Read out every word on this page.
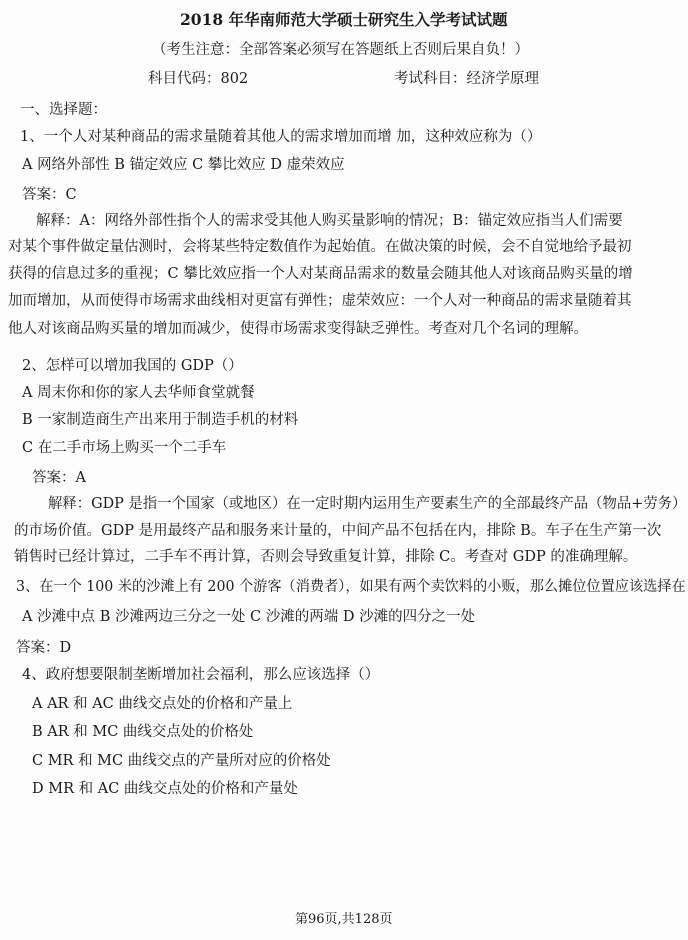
2018 年华南师范大学硕士研究生入学考试试题
（考生注意：全部答案必须写在答题纸上否则后果自负！）
科目代码：802	考试科目：经济学原理
一、选择题：
1、一个人对某种商品的需求量随着其他人的需求增加而增 加，这种效应称为（）
A 网络外部性 B 锚定效应 C 攀比效应 D 虚荣效应
答案：C
解释：A：网络外部性指个人的需求受其他人购买量影响的情况；B：锚定效应指当人们需要
对某个事件做定量估测时，会将某些特定数值作为起始值。在做决策的时候，会不自觉地给予最初
获得的信息过多的重视；C 攀比效应指一个人对某商品需求的数量会随其他人对该商品购买量的增
加而增加，从而使得市场需求曲线相对更富有弹性；虚荣效应：一个人对一种商品的需求量随着其
他人对该商品购买量的增加而减少，使得市场需求变得缺乏弹性。考查对几个名词的理解。
2、怎样可以增加我国的 GDP（）
A 周末你和你的家人去华师食堂就餐
B 一家制造商生产出来用于制造手机的材料
C 在二手市场上购买一个二手车
答案：A
解释：GDP 是指一个国家（或地区）在一定时期内运用生产要素生产的全部最终产品（物品+劳务）
的市场价值。GDP 是用最终产品和服务来计量的，中间产品不包括在内，排除 B。车子在生产第一次
销售时已经计算过，二手车不再计算，否则会导致重复计算，排除 C。考查对 GDP 的准确理解。
3、在一个 100 米的沙滩上有 200 个游客（消费者），如果有两个卖饮料的小贩，那么摊位位置应该选择在
A 沙滩中点 B 沙滩两边三分之一处 C 沙滩的两端 D 沙滩的四分之一处
答案：D
4、政府想要限制垄断增加社会福利，那么应该选择（）
A AR 和 AC 曲线交点处的价格和产量上
B AR 和 MC 曲线交点处的价格处
C MR 和 MC 曲线交点的产量所对应的价格处
D MR 和 AC 曲线交点处的价格和产量处
第96页,共128页
